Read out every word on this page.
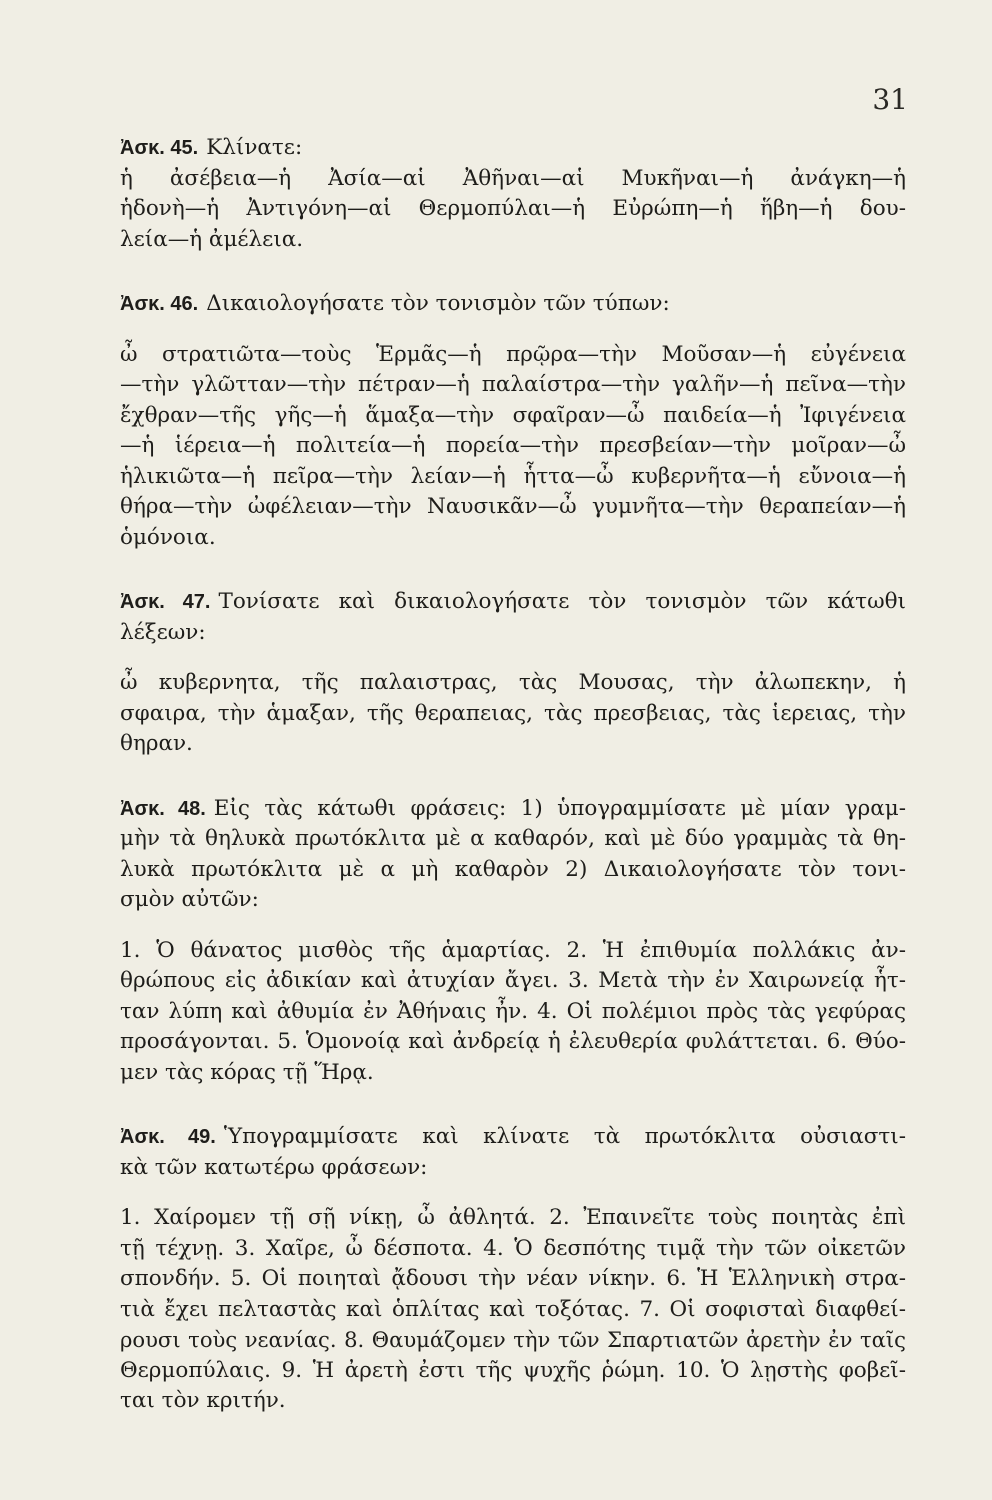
31
Ἀσκ. 45. Κλίνατε:
ἡ ἀσέβεια—ἡ Ἀσία—αἱ Ἀθῆναι—αἱ Μυκῆναι—ἡ ἀνάγκη—ἡ
ἡδονὴ—ἡ Ἀντιγόνη—αἱ Θερμοπύλαι—ἡ Εὐρώπη—ἡ ἥβη—ἡ δου-
λεία—ἡ ἀμέλεια.
Ἀσκ. 46. Δικαιολογήσατε τὸν τονισμὸν τῶν τύπων:
ὦ στρατιῶτα—τοὺς Ἑρμᾶς—ἡ πρῷρα—τὴν Μοῦσαν—ἡ εὐγένεια
—τὴν γλῶτταν—τὴν πέτραν—ἡ παλαίστρα—τὴν γαλῆν—ἡ πεῖνα—τὴν
ἔχθραν—τῆς γῆς—ἡ ἅμαξα—τὴν σφαῖραν—ὦ παιδεία—ἡ Ἰφιγένεια
—ἡ ἱέρεια—ἡ πολιτεία—ἡ πορεία—τὴν πρεσβείαν—τὴν μοῖραν—ὦ
ἡλικιῶτα—ἡ πεῖρα—τὴν λείαν—ἡ ἧττα—ὦ κυβερνῆτα—ἡ εὔνοια—ἡ
θήρα—τὴν ὠφέλειαν—τὴν Ναυσικᾶν—ὦ γυμνῆτα—τὴν θεραπείαν—ἡ
ὁμόνοια.
Ἀσκ. 47. Τονίσατε καὶ δικαιολογήσατε τὸν τονισμὸν τῶν κάτωθι
λέξεων:
ὦ κυβερνητα, τῆς παλαιστρας, τὰς Μουσας, τὴν ἀλωπεκην, ἡ
σφαιρα, τὴν ἁμαξαν, τῆς θεραπειας, τὰς πρεσβειας, τὰς ἱερειας, τὴν
θηραν.
Ἀσκ. 48. Εἰς τὰς κάτωθι φράσεις: 1) ὑπογραμμίσατε μὲ μίαν γραμ-
μὴν τὰ θηλυκὰ πρωτόκλιτα μὲ α καθαρόν, καὶ μὲ δύο γραμμὰς τὰ θη-
λυκὰ πρωτόκλιτα μὲ α μὴ καθαρὸν 2) Δικαιολογήσατε τὸν τονι-
σμὸν αὐτῶν:
1. Ὁ θάνατος μισθὸς τῆς ἁμαρτίας. 2. Ἡ ἐπιθυμία πολλάκις ἀν-
θρώπους εἰς ἀδικίαν καὶ ἀτυχίαν ἄγει. 3. Μετὰ τὴν ἐν Χαιρωνείᾳ ἧτ-
ταν λύπη καὶ ἀθυμία ἐν Ἀθήναις ἦν. 4. Οἱ πολέμιοι πρὸς τὰς γεφύρας
προσάγονται. 5. Ὁμονοίᾳ καὶ ἀνδρείᾳ ἡ ἐλευθερία φυλάττεται. 6. Θύο-
μεν τὰς κόρας τῇ Ἥρᾳ.
Ἀσκ. 49. Ὑπογραμμίσατε καὶ κλίνατε τὰ πρωτόκλιτα οὐσιαστι-
κὰ τῶν κατωτέρω φράσεων:
1. Χαίρομεν τῇ σῇ νίκῃ, ὦ ἀθλητά. 2. Ἐπαινεῖτε τοὺς ποιητὰς ἐπὶ
τῇ τέχνῃ. 3. Χαῖρε, ὦ δέσποτα. 4. Ὁ δεσπότης τιμᾷ τὴν τῶν οἰκετῶν
σπονδήν. 5. Οἱ ποιηταὶ ᾄδουσι τὴν νέαν νίκην. 6. Ἡ Ἑλληνικὴ στρα-
τιὰ ἔχει πελταστὰς καὶ ὁπλίτας καὶ τοξότας. 7. Οἱ σοφισταὶ διαφθεί-
ρουσι τοὺς νεανίας. 8. Θαυμάζομεν τὴν τῶν Σπαρτιατῶν ἀρετὴν ἐν ταῖς
Θερμοπύλαις. 9. Ἡ ἀρετὴ ἐστι τῆς ψυχῆς ῥώμη. 10. Ὁ λῃστὴς φοβεῖ-
ται τὸν κριτήν.
